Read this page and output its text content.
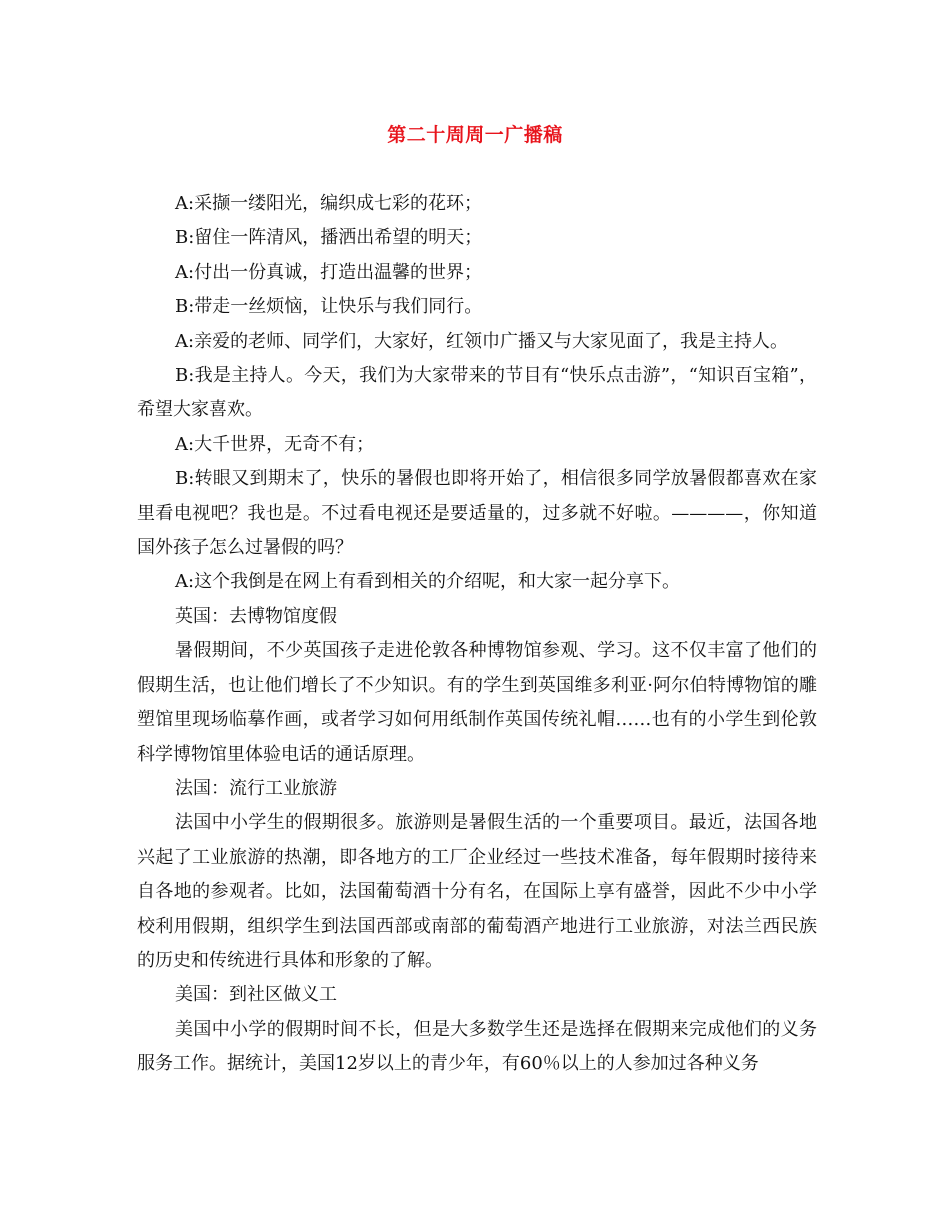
第二十周周一广播稿

A:采撷一缕阳光，编织成七彩的花环；

B:留住一阵清风，播洒出希望的明天；

A:付出一份真诚，打造出温馨的世界；

B:带走一丝烦恼，让快乐与我们同行。

A:亲爱的老师、同学们，大家好，红领巾广播又与大家见面了，我是主持人。

B:我是主持人。今天，我们为大家带来的节目有“快乐点击游”，“知识百宝箱”，希望大家喜欢。

A:大千世界，无奇不有；

B:转眼又到期末了，快乐的暑假也即将开始了，相信很多同学放暑假都喜欢在家里看电视吧？我也是。不过看电视还是要适量的，过多就不好啦。————，你知道国外孩子怎么过暑假的吗？

A:这个我倒是在网上有看到相关的介绍呢，和大家一起分享下。

英国：去博物馆度假

暑假期间，不少英国孩子走进伦敦各种博物馆参观、学习。这不仅丰富了他们的假期生活，也让他们增长了不少知识。有的学生到英国维多利亚·阿尔伯特博物馆的雕塑馆里现场临摹作画，或者学习如何用纸制作英国传统礼帽……也有的小学生到伦敦科学博物馆里体验电话的通话原理。

法国：流行工业旅游

法国中小学生的假期很多。旅游则是暑假生活的一个重要项目。最近，法国各地兴起了工业旅游的热潮，即各地方的工厂企业经过一些技术准备，每年假期时接待来自各地的参观者。比如，法国葡萄酒十分有名，在国际上享有盛誉，因此不少中小学校利用假期，组织学生到法国西部或南部的葡萄酒产地进行工业旅游，对法兰西民族的历史和传统进行具体和形象的了解。

美国：到社区做义工

美国中小学的假期时间不长，但是大多数学生还是选择在假期来完成他们的义务服务工作。据统计，美国12岁以上的青少年，有60％以上的人参加过各种义务
